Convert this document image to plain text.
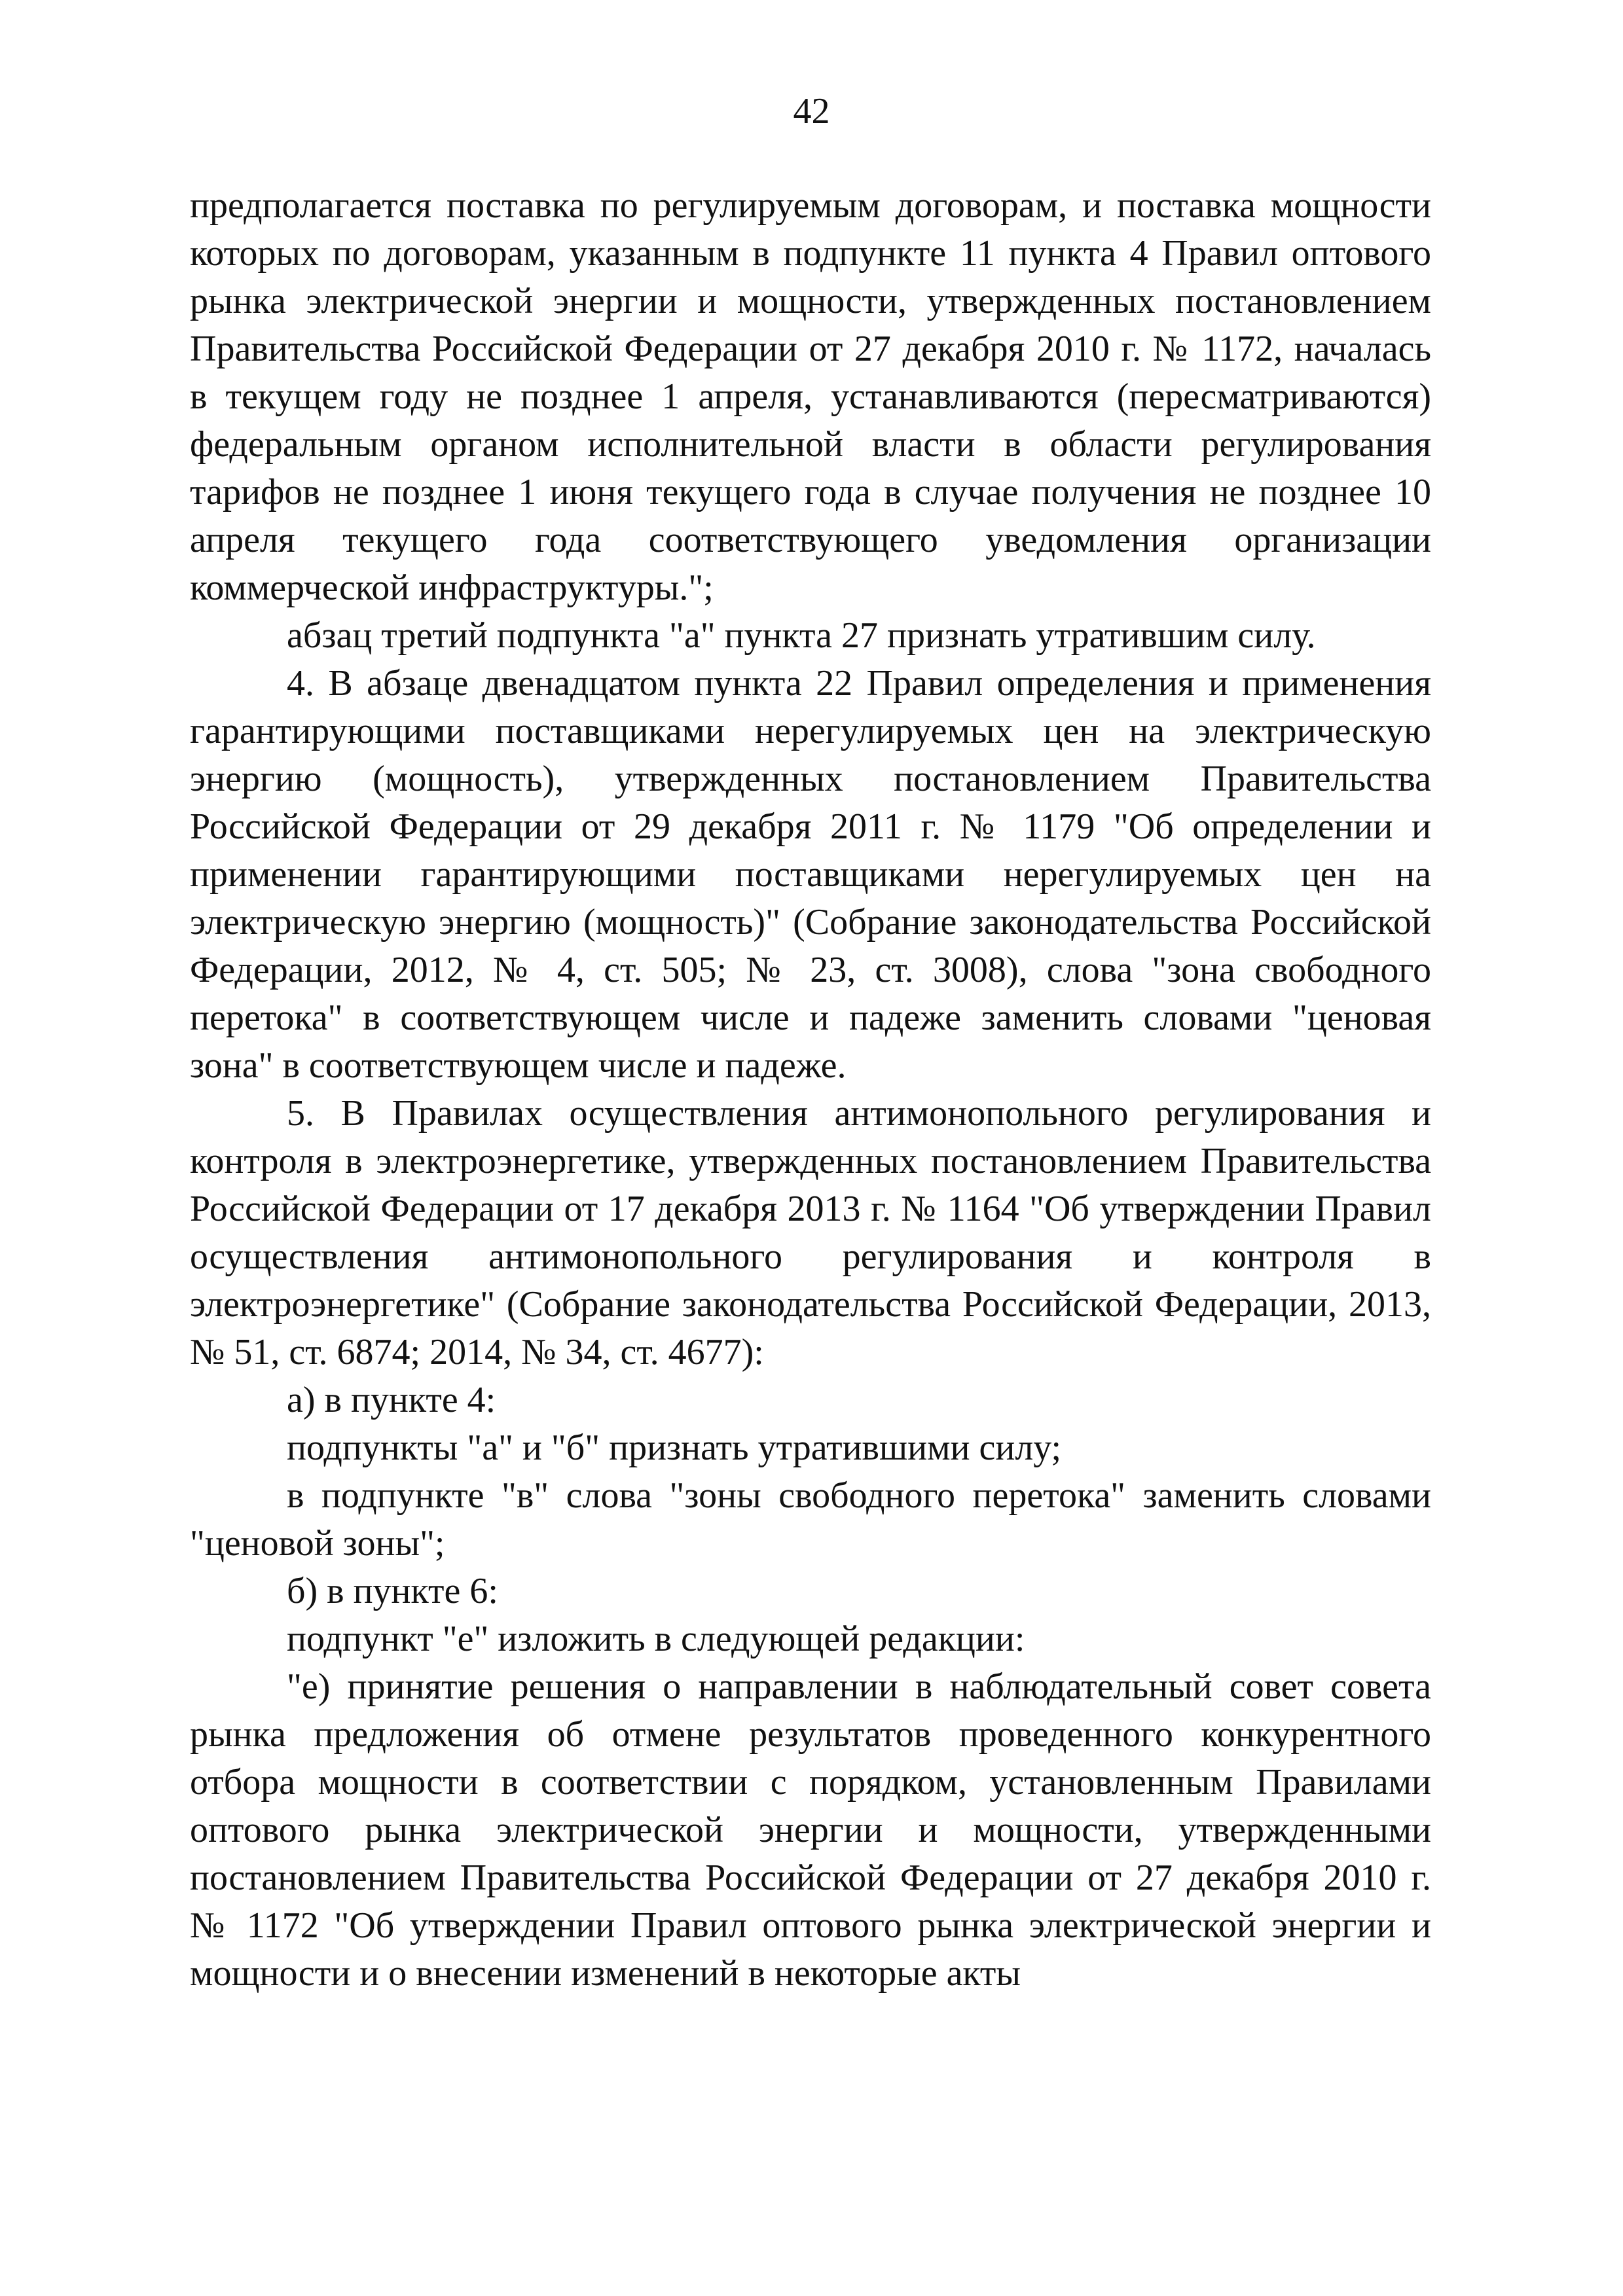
42

предполагается поставка по регулируемым договорам, и поставка мощности которых по договорам, указанным в подпункте 11 пункта 4 Правил оптового рынка электрической энергии и мощности, утвержденных постановлением Правительства Российской Федерации от 27 декабря 2010 г. № 1172, началась в текущем году не позднее 1 апреля, устанавливаются (пересматриваются) федеральным органом исполнительной власти в области регулирования тарифов не позднее 1 июня текущего года в случае получения не позднее 10 апреля текущего года соответствующего уведомления организации коммерческой инфраструктуры.";

абзац третий подпункта "а" пункта 27 признать утратившим силу.

4. В абзаце двенадцатом пункта 22 Правил определения и применения гарантирующими поставщиками нерегулируемых цен на электрическую энергию (мощность), утвержденных постановлением Правительства Российской Федерации от 29 декабря 2011 г. № 1179 "Об определении и применении гарантирующими поставщиками нерегулируемых цен на электрическую энергию (мощность)" (Собрание законодательства Российской Федерации, 2012, № 4, ст. 505; № 23, ст. 3008), слова "зона свободного перетока" в соответствующем числе и падеже заменить словами "ценовая зона" в соответствующем числе и падеже.

5. В Правилах осуществления антимонопольного регулирования и контроля в электроэнергетике, утвержденных постановлением Правительства Российской Федерации от 17 декабря 2013 г. № 1164 "Об утверждении Правил осуществления антимонопольного регулирования и контроля в электроэнергетике" (Собрание законодательства Российской Федерации, 2013, № 51, ст. 6874; 2014, № 34, ст. 4677):

а) в пункте 4:

подпункты "а" и "б" признать утратившими силу;

в подпункте "в" слова "зоны свободного перетока" заменить словами "ценовой зоны";

б) в пункте 6:

подпункт "е" изложить в следующей редакции:

"е) принятие решения о направлении в наблюдательный совет совета рынка предложения об отмене результатов проведенного конкурентного отбора мощности в соответствии с порядком, установленным Правилами оптового рынка электрической энергии и мощности, утвержденными постановлением Правительства Российской Федерации от 27 декабря 2010 г. № 1172 "Об утверждении Правил оптового рынка электрической энергии и мощности и о внесении изменений в некоторые акты
